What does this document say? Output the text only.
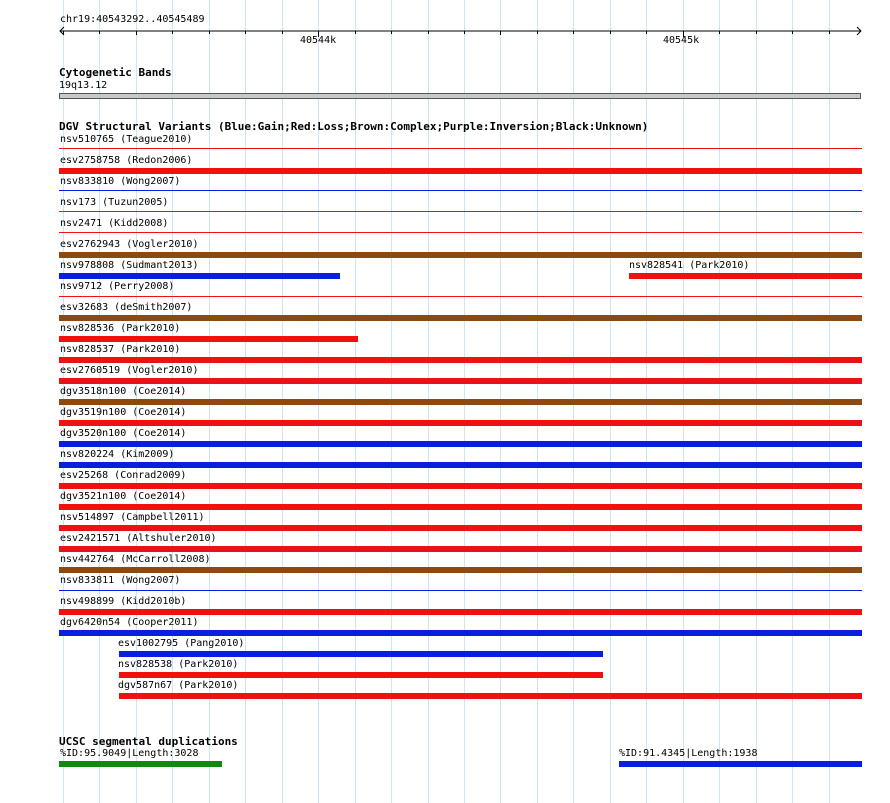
chr19:40543292..40545489
40544k	40545k
Cytogenetic Bands
19q13.12
DGV Structural Variants (Blue:Gain;Red:Loss;Brown:Complex;Purple:Inversion;Black:Unknown)
nsv510765 (Teague2010)
esv2758758 (Redon2006)
nsv833810 (Wong2007)
nsv173 (Tuzun2005)
nsv2471 (Kidd2008)
esv2762943 (Vogler2010)
nsv978808 (Sudmant2013)	nsv828541 (Park2010)
nsv9712 (Perry2008)
esv32683 (deSmith2007)
nsv828536 (Park2010)
nsv828537 (Park2010)
esv2760519 (Vogler2010)
dgv3518n100 (Coe2014)
dgv3519n100 (Coe2014)
dgv3520n100 (Coe2014)
nsv820224 (Kim2009)
esv25268 (Conrad2009)
dgv3521n100 (Coe2014)
nsv514897 (Campbell2011)
esv2421571 (Altshuler2010)
nsv442764 (McCarroll2008)
nsv833811 (Wong2007)
nsv498899 (Kidd2010b)
dgv6420n54 (Cooper2011)
esv1002795 (Pang2010)
nsv828538 (Park2010)
dgv587n67 (Park2010)
UCSC segmental duplications
%ID:95.9049|Length:3028	%ID:91.4345|Length:1938
